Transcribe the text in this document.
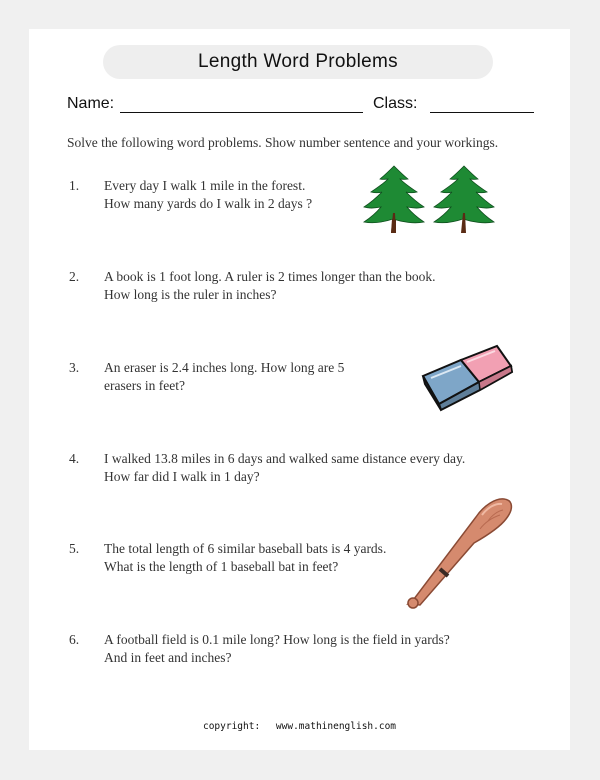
Length Word Problems
Name:	Class:
Solve the following word problems. Show number sentence and your workings.
1.	Every day I walk 1 mile in the forest.
How many yards do I walk in 2 days ?
2.	A book is 1 foot long. A ruler is 2 times longer than the book.
How long is the ruler in inches?
3.	An eraser is 2.4 inches long. How long are 5
erasers in feet?
4.	I walked 13.8 miles in 6 days and walked same distance every day.
How far did I walk in 1 day?
5.	The total length of 6 similar baseball bats is 4 yards.
What is the length of 1 baseball bat in feet?
6.	A football field is 0.1 mile long? How long is the field in yards?
And in feet and inches?
copyright: www.mathinenglish.com
